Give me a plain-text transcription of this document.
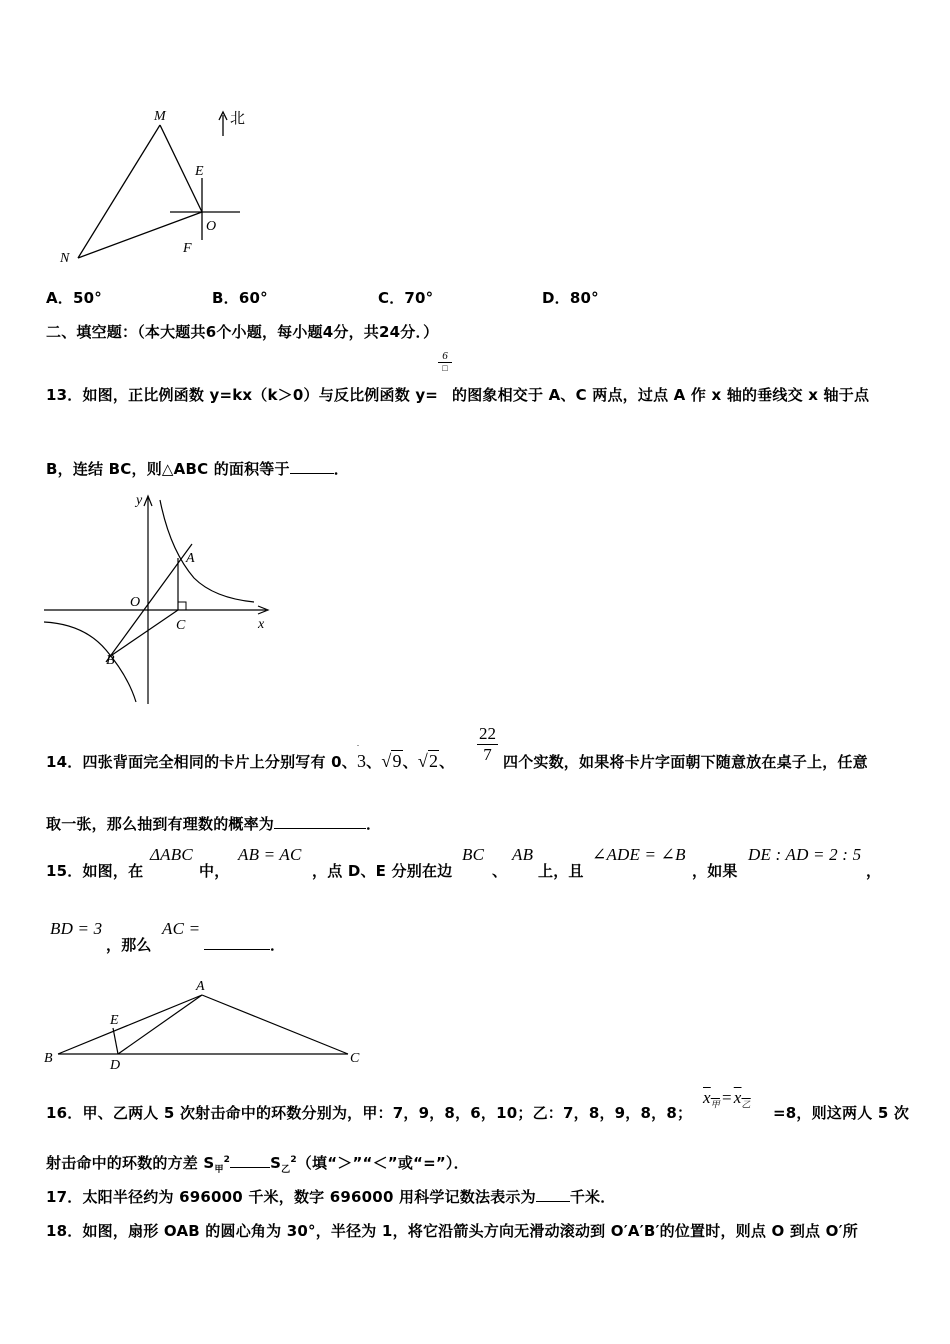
M
N
E
O
F
北
A．50°	B．60°	C．70°	D．80°
二、填空题：（本大题共6个小题，每小题4分，共24分．）
13．如图，正比例函数 y=kx（k＞0）与反比例函数 y=
6
□
的图象相交于 A、C 两点，过点 A 作 x 轴的垂线交 x 轴于点
B，连结 BC，则△ABC 的面积等于	．
y
x
O
A
B
C
14．四张背面完全相同的卡片上分别写有 0、
.
3、√9、√2、 $\frac{22}{7}$ 四个实数，如果将卡片字面朝下随意放在桌子上，任意
取一张，那么抽到有理数的概率为	．
15．如图，在
ΔABC
中，
AB = AC
，点 D、E 分别在边
BC
、
AB
上，且
∠ADE = ∠B
，如果
DE : AD = 2 : 5
，
BD = 3
，那么
AC =
．
A
B	C
D
E
16．甲、乙两人 5 次射击命中的环数分别为，甲：7，9，8，6，10；乙：7，8，9，8，8；
$x_甲 = x_乙 =8$，则这两人 5 次
射击命中的环数的方差 $S_甲^2$	$S_乙^2$（填“＞”“＜”或“=”）．
17．太阳半径约为 696000 千米，数字 696000 用科学记数法表示为 千米．
18．如图，扇形 OAB 的圆心角为 30°，半径为 1，将它沿箭头方向无滑动滚动到 O′A′B′的位置时，则点 O 到点 O′所
